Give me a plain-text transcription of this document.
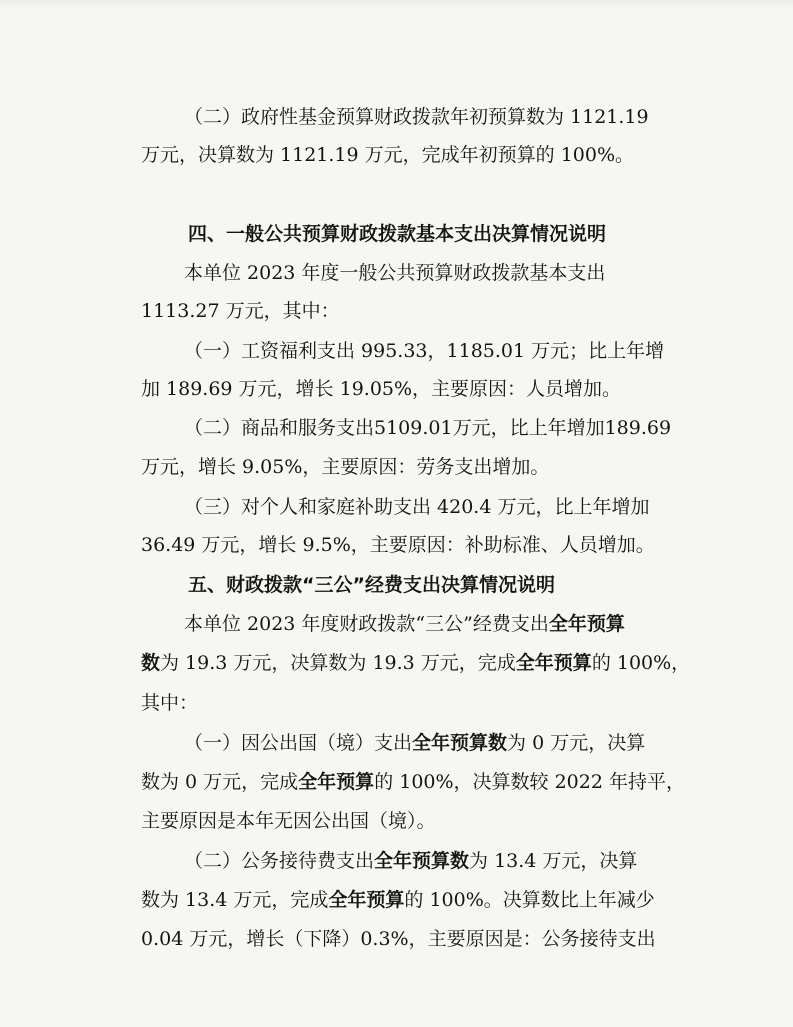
（二）政府性基金预算财政拨款年初预算数为 1121.19
万元，决算数为 1121.19 万元，完成年初预算的 100%。
四、一般公共预算财政拨款基本支出决算情况说明
本单位 2023 年度一般公共预算财政拨款基本支出
1113.27 万元，其中：
（一）工资福利支出 995.33，1185.01 万元；比上年增
加 189.69 万元，增长 19.05%，主要原因：人员增加。
（二）商品和服务支出5109.01万元，比上年增加189.69
万元，增长 9.05%，主要原因：劳务支出增加。
（三）对个人和家庭补助支出 420.4 万元，比上年增加
36.49 万元，增长 9.5%，主要原因：补助标准、人员增加。
五、财政拨款“三公”经费支出决算情况说明
本单位 2023 年度财政拨款“三公”经费支出全年预算
数为 19.3 万元，决算数为 19.3 万元，完成全年预算的 100%，
其中：
（一）因公出国（境）支出全年预算数为 0 万元，决算
数为 0 万元，完成全年预算的 100%，决算数较 2022 年持平，
主要原因是本年无因公出国（境）。
（二）公务接待费支出全年预算数为 13.4 万元，决算
数为 13.4 万元，完成全年预算的 100%。决算数比上年减少
0.04 万元，增长（下降）0.3%，主要原因是：公务接待支出
